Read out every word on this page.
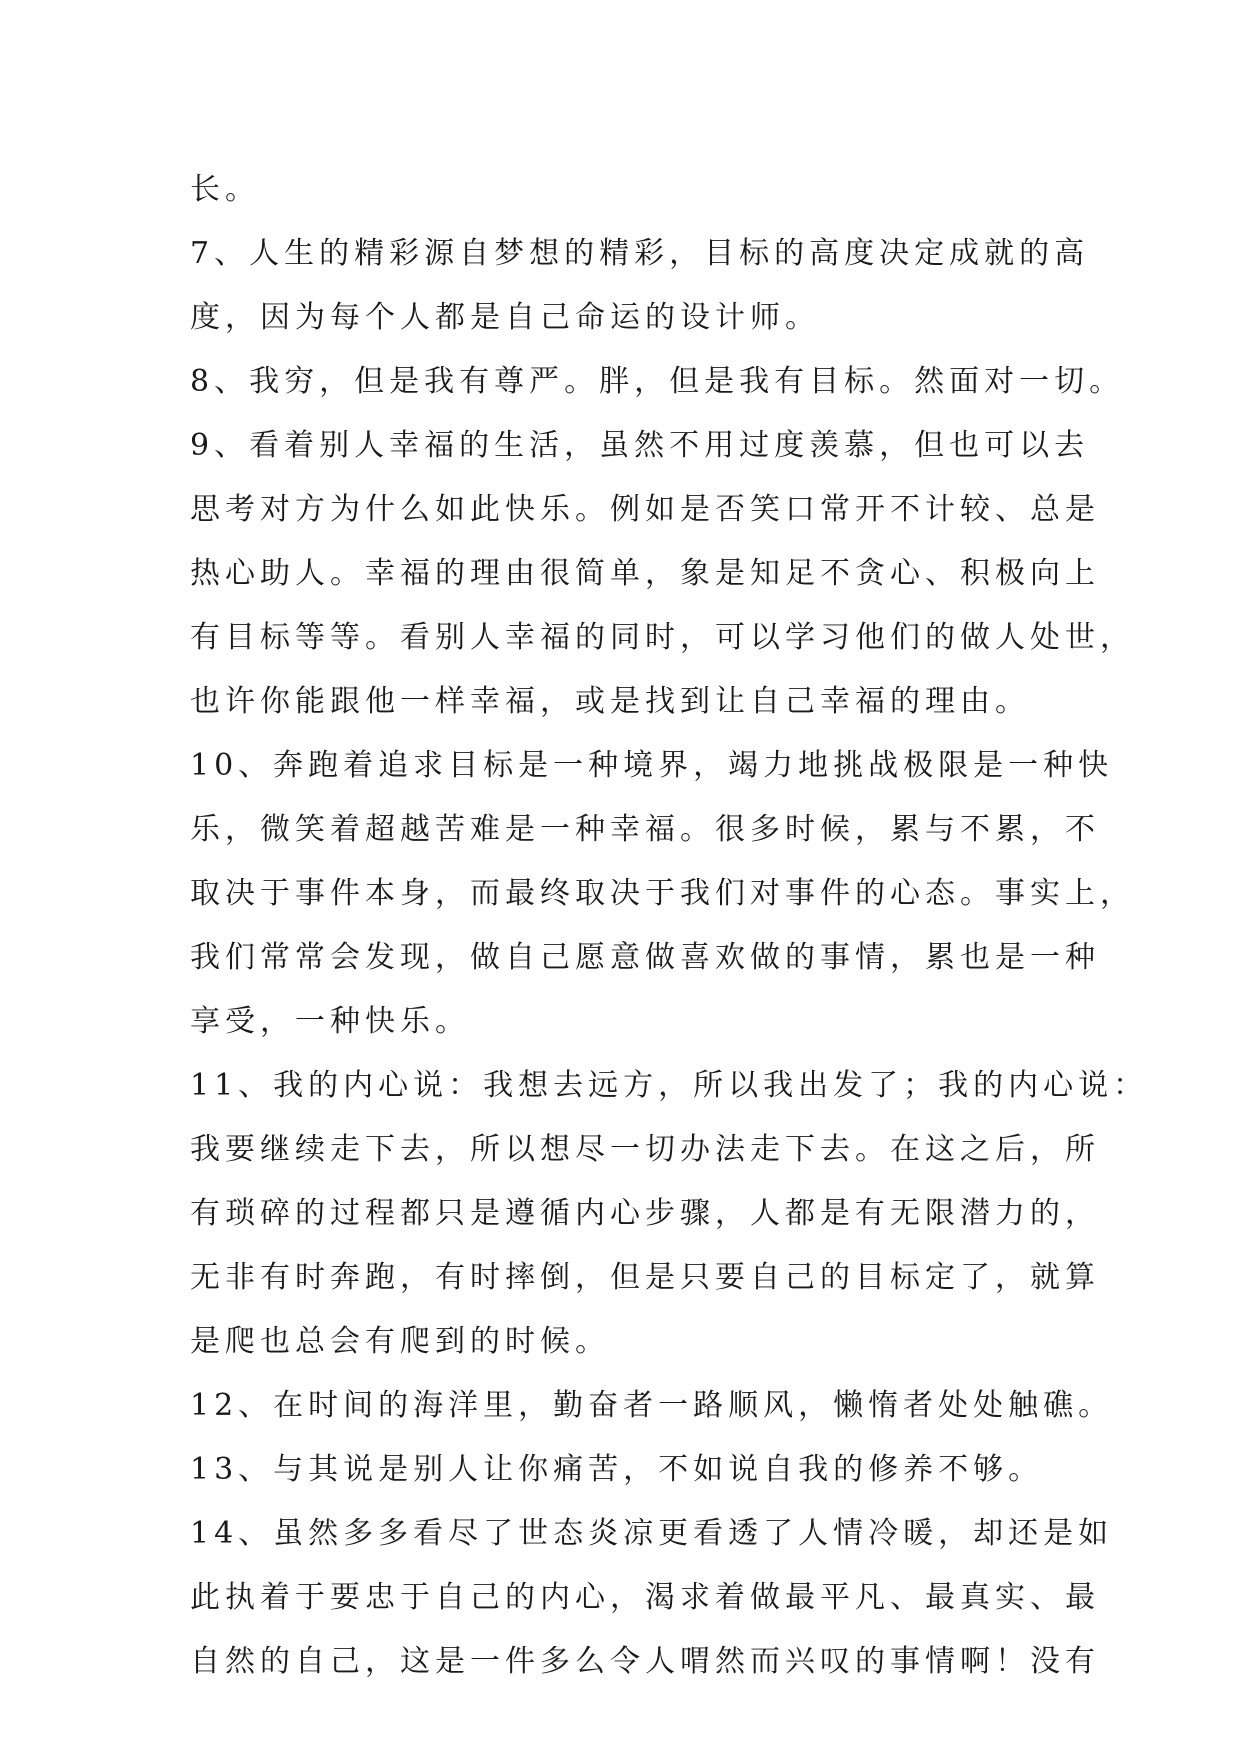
长。
7、人生的精彩源自梦想的精彩，目标的高度决定成就的高
度，因为每个人都是自己命运的设计师。
8、我穷，但是我有尊严。胖，但是我有目标。然面对一切。
9、看着别人幸福的生活，虽然不用过度羡慕，但也可以去
思考对方为什么如此快乐。例如是否笑口常开不计较、总是
热心助人。幸福的理由很简单，象是知足不贪心、积极向上
有目标等等。看别人幸福的同时，可以学习他们的做人处世，
也许你能跟他一样幸福，或是找到让自己幸福的理由。
10、奔跑着追求目标是一种境界，竭力地挑战极限是一种快
乐，微笑着超越苦难是一种幸福。很多时候，累与不累，不
取决于事件本身，而最终取决于我们对事件的心态。事实上，
我们常常会发现，做自己愿意做喜欢做的事情，累也是一种
享受，一种快乐。
11、我的内心说：我想去远方，所以我出发了；我的内心说：
我要继续走下去，所以想尽一切办法走下去。在这之后，所
有琐碎的过程都只是遵循内心步骤，人都是有无限潜力的，
无非有时奔跑，有时摔倒，但是只要自己的目标定了，就算
是爬也总会有爬到的时候。
12、在时间的海洋里，勤奋者一路顺风，懒惰者处处触礁。
13、与其说是别人让你痛苦，不如说自我的修养不够。
14、虽然多多看尽了世态炎凉更看透了人情冷暖，却还是如
此执着于要忠于自己的内心，渴求着做最平凡、最真实、最
自然的自己，这是一件多么令人喟然而兴叹的事情啊！没有
